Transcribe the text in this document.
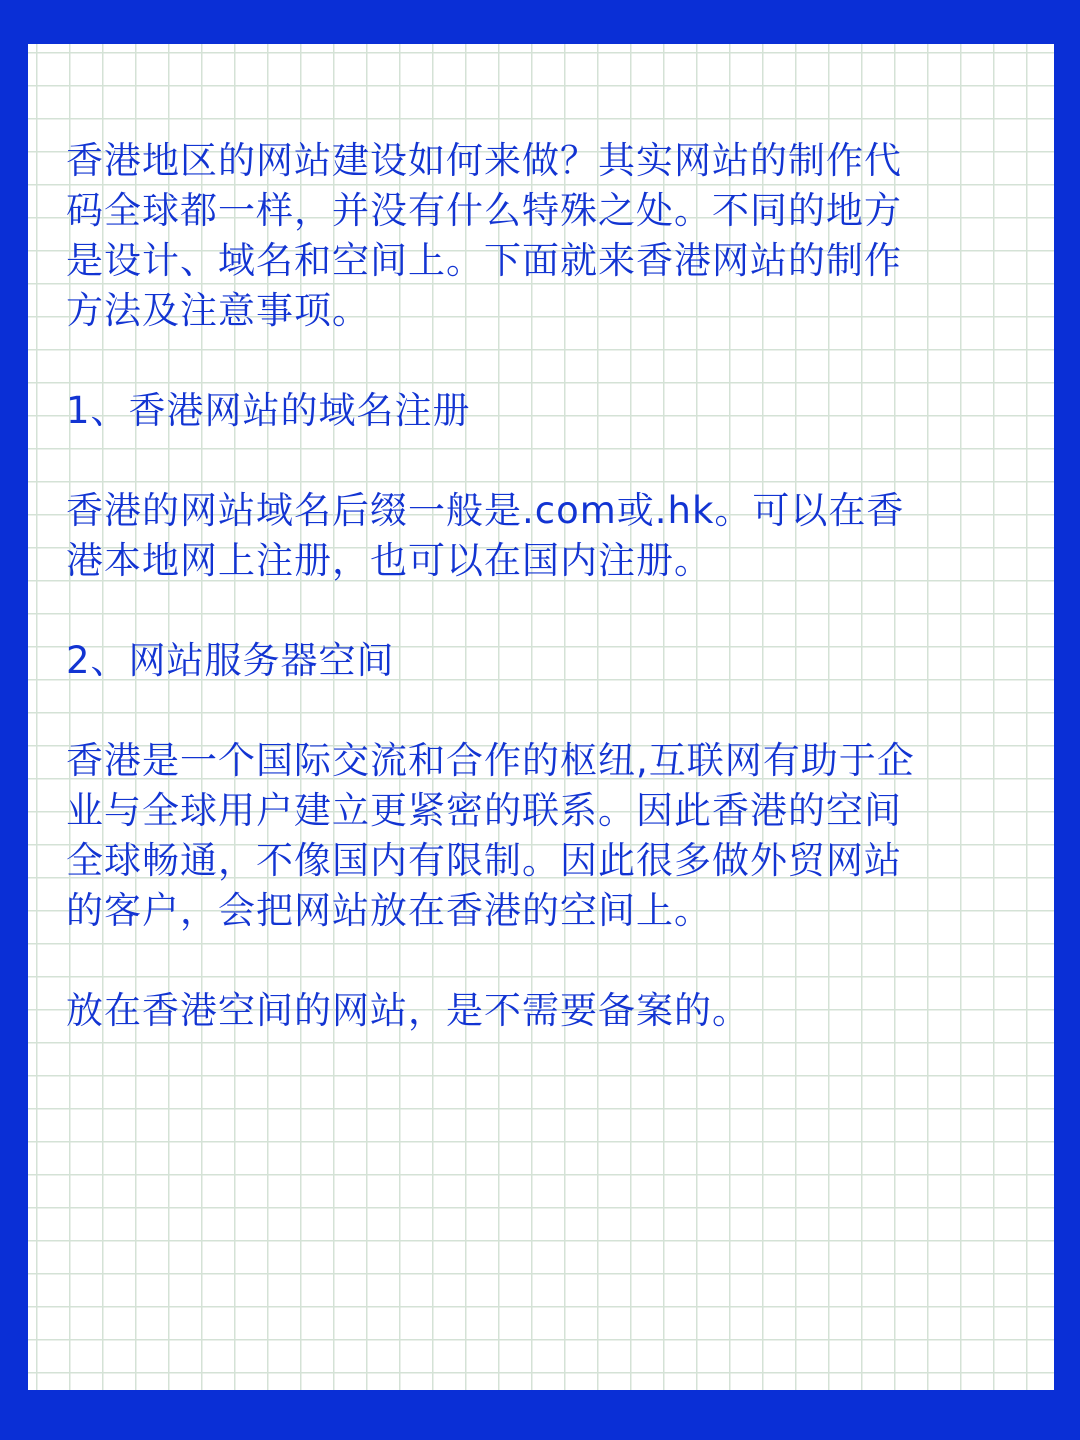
香港地区的网站建设如何来做？其实网站的制作代
码全球都一样，并没有什么特殊之处。不同的地方
是设计、域名和空间上。下面就来香港网站的制作
方法及注意事项。

1、香港网站的域名注册

香港的网站域名后缀一般是.com或.hk。可以在香
港本地网上注册，也可以在国内注册。

2、网站服务器空间

香港是一个国际交流和合作的枢纽,互联网有助于企
业与全球用户建立更紧密的联系。因此香港的空间
全球畅通，不像国内有限制。因此很多做外贸网站
的客户，会把网站放在香港的空间上。

放在香港空间的网站，是不需要备案的。
